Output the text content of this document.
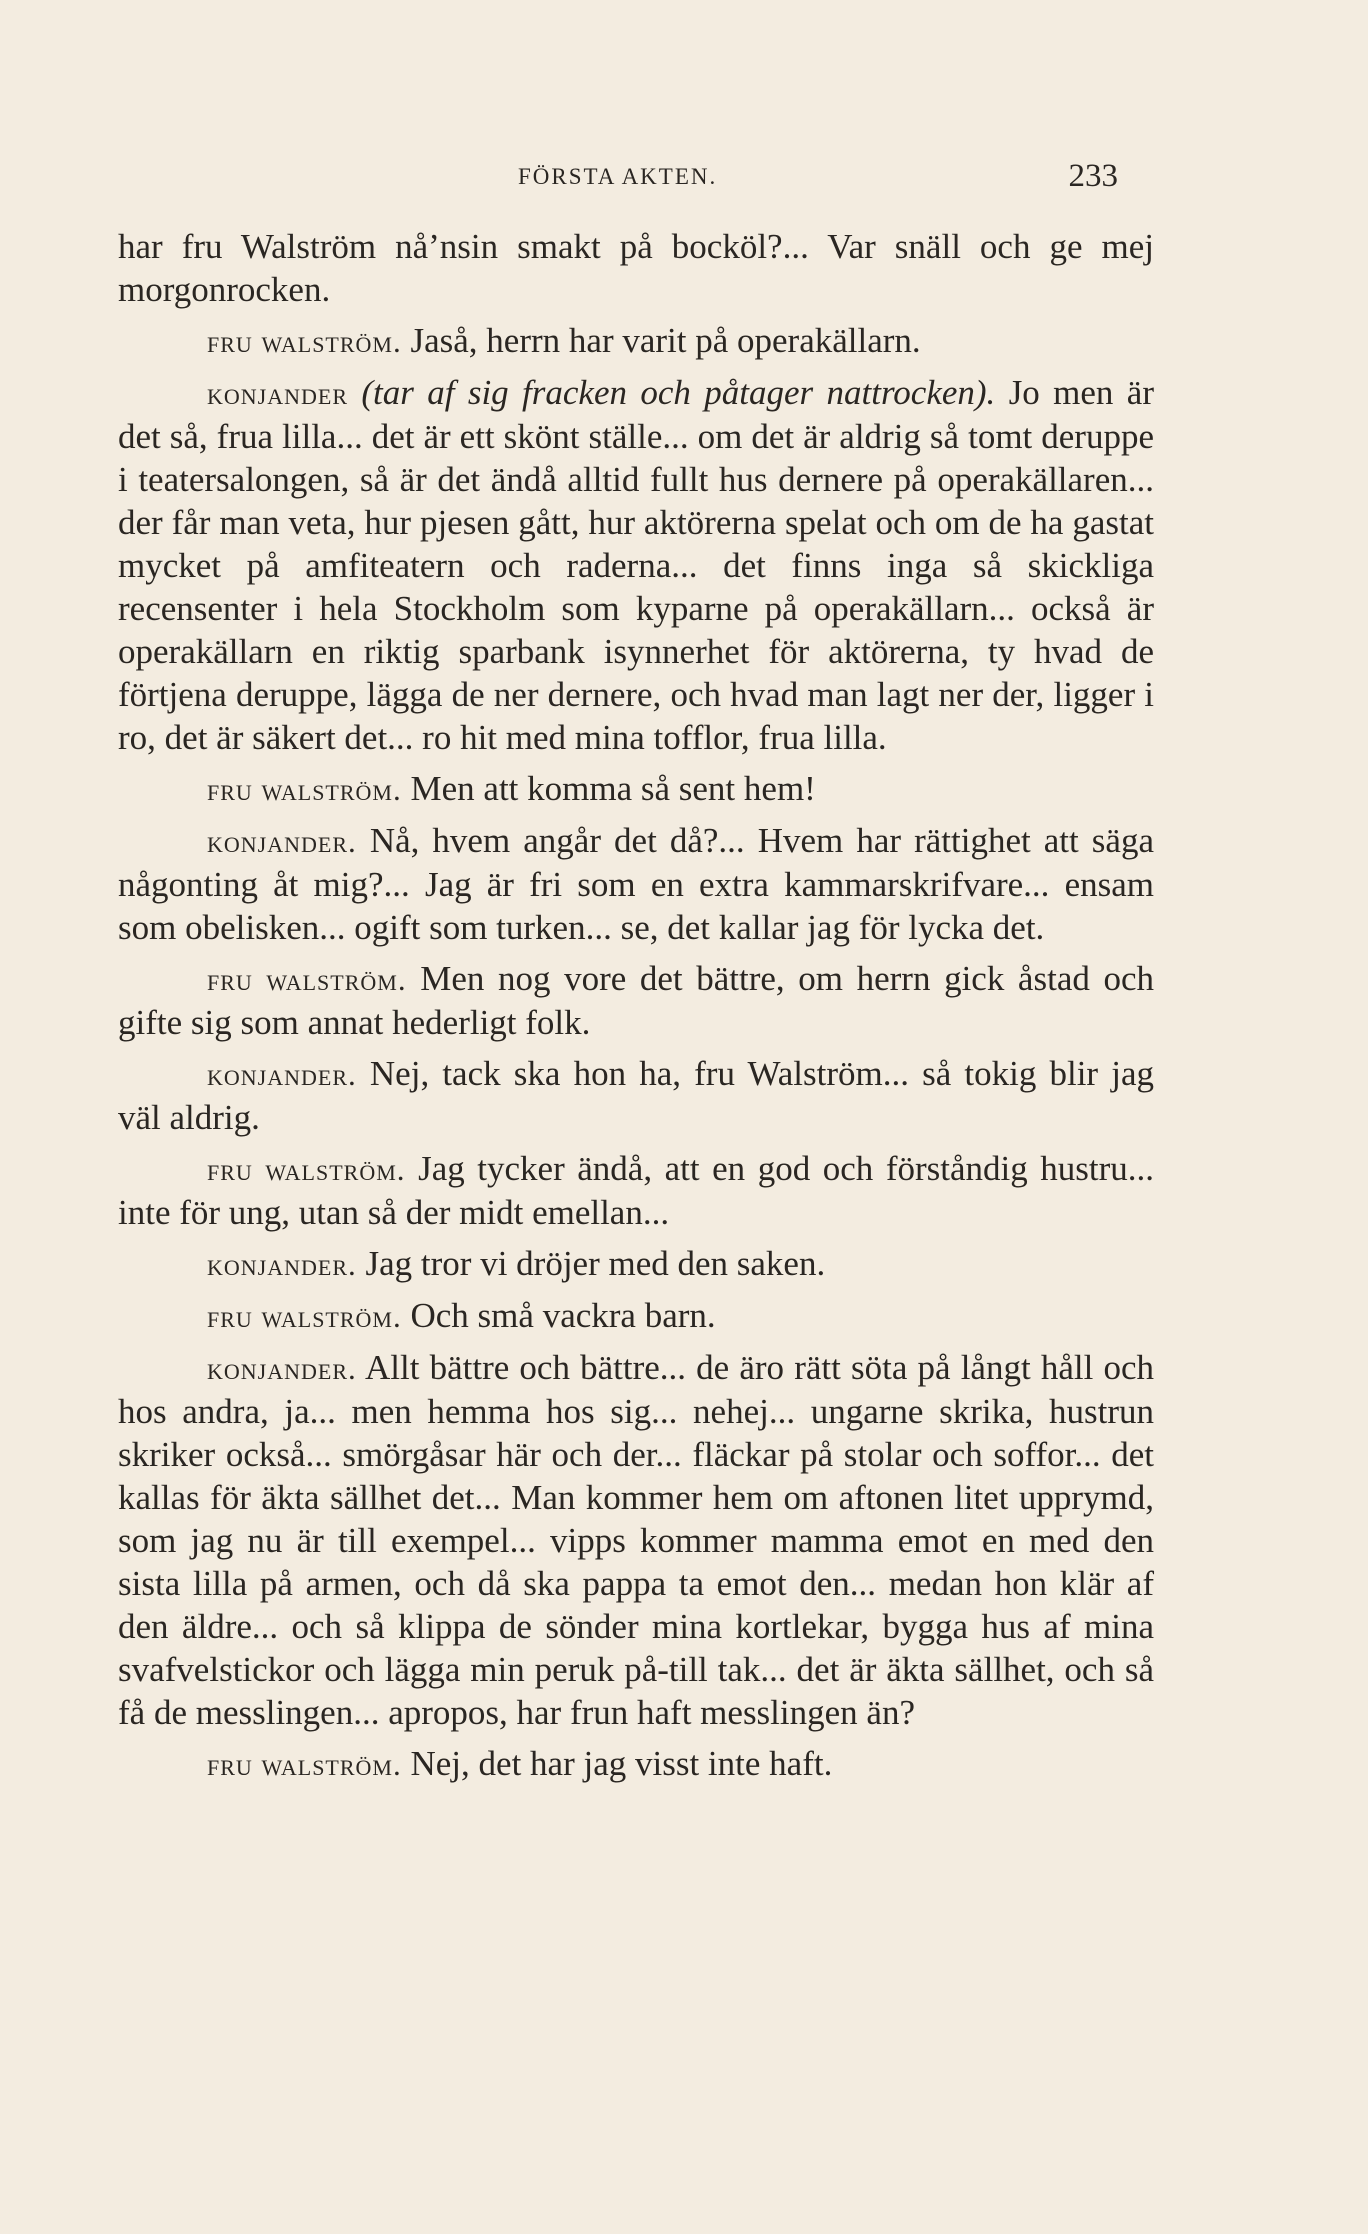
FÖRSTA AKTEN.	233

har fru Walström nå’nsin smakt på bocköl?... Var snäll och ge mej morgonrocken.

fru walström. Jaså, herrn har varit på operakällarn.

konjander (tar af sig fracken och påtager nattrocken). Jo men är det så, frua lilla... det är ett skönt ställe... om det är aldrig så tomt deruppe i teatersalongen, så är det ändå alltid fullt hus dernere på operakällaren... der får man veta, hur pjesen gått, hur aktörerna spelat och om de ha gastat mycket på amfiteatern och raderna... det finns inga så skickliga recensenter i hela Stockholm som kyparne på operakällarn... också är operakällarn en riktig sparbank isynnerhet för aktörerna, ty hvad de förtjena deruppe, lägga de ner dernere, och hvad man lagt ner der, ligger i ro, det är säkert det... ro hit med mina tofflor, frua lilla.

fru walström. Men att komma så sent hem!

konjander. Nå, hvem angår det då?... Hvem har rättighet att säga någonting åt mig?... Jag är fri som en extra kammarskrifvare... ensam som obelisken... ogift som turken... se, det kallar jag för lycka det.

fru walström. Men nog vore det bättre, om herrn gick åstad och gifte sig som annat hederligt folk.

konjander. Nej, tack ska hon ha, fru Walström... så tokig blir jag väl aldrig.

fru walström. Jag tycker ändå, att en god och förståndig hustru... inte för ung, utan så der midt emellan...

konjander. Jag tror vi dröjer med den saken.

fru walström. Och små vackra barn.

konjander. Allt bättre och bättre... de äro rätt söta på långt håll och hos andra, ja... men hemma hos sig... nehej... ungarne skrika, hustrun skriker också... smörgåsar här och der... fläckar på stolar och soffor... det kallas för äkta sällhet det... Man kommer hem om aftonen litet upprymd, som jag nu är till exempel... vipps kommer mamma emot en med den sista lilla på armen, och då ska pappa ta emot den... medan hon klär af den äldre... och så klippa de sönder mina kortlekar, bygga hus af mina svafvelstickor och lägga min peruk på-till tak... det är äkta sällhet, och så få de messlingen... apropos, har frun haft messlingen än?

fru walström. Nej, det har jag visst inte haft.
